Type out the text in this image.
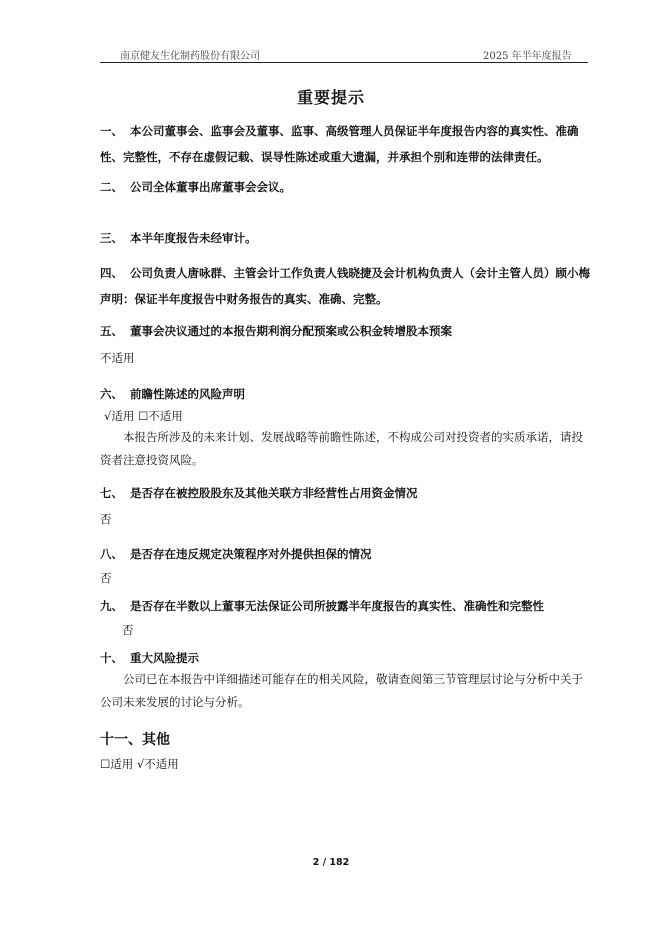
南京健友生化制药股份有限公司	2025 年半年度报告
重要提示
一、 本公司董事会、监事会及董事、监事、高级管理人员保证半年度报告内容的真实性、准确性、完整性，不存在虚假记载、误导性陈述或重大遗漏，并承担个别和连带的法律责任。
二、 公司全体董事出席董事会会议。
三、 本半年度报告未经审计。
四、 公司负责人唐咏群、主管会计工作负责人钱晓捷及会计机构负责人（会计主管人员）顾小梅声明：保证半年度报告中财务报告的真实、准确、完整。
五、 董事会决议通过的本报告期利润分配预案或公积金转增股本预案
不适用
六、 前瞻性陈述的风险声明
√适用 ☐不适用
本报告所涉及的未来计划、发展战略等前瞻性陈述，不构成公司对投资者的实质承诺，请投资者注意投资风险。
七、 是否存在被控股股东及其他关联方非经营性占用资金情况
否
八、 是否存在违反规定决策程序对外提供担保的情况
否
九、 是否存在半数以上董事无法保证公司所披露半年度报告的真实性、准确性和完整性
否
十、 重大风险提示
公司已在本报告中详细描述可能存在的相关风险，敬请查阅第三节管理层讨论与分析中关于公司未来发展的讨论与分析。
十一、其他
☐适用 √不适用
2 / 182
